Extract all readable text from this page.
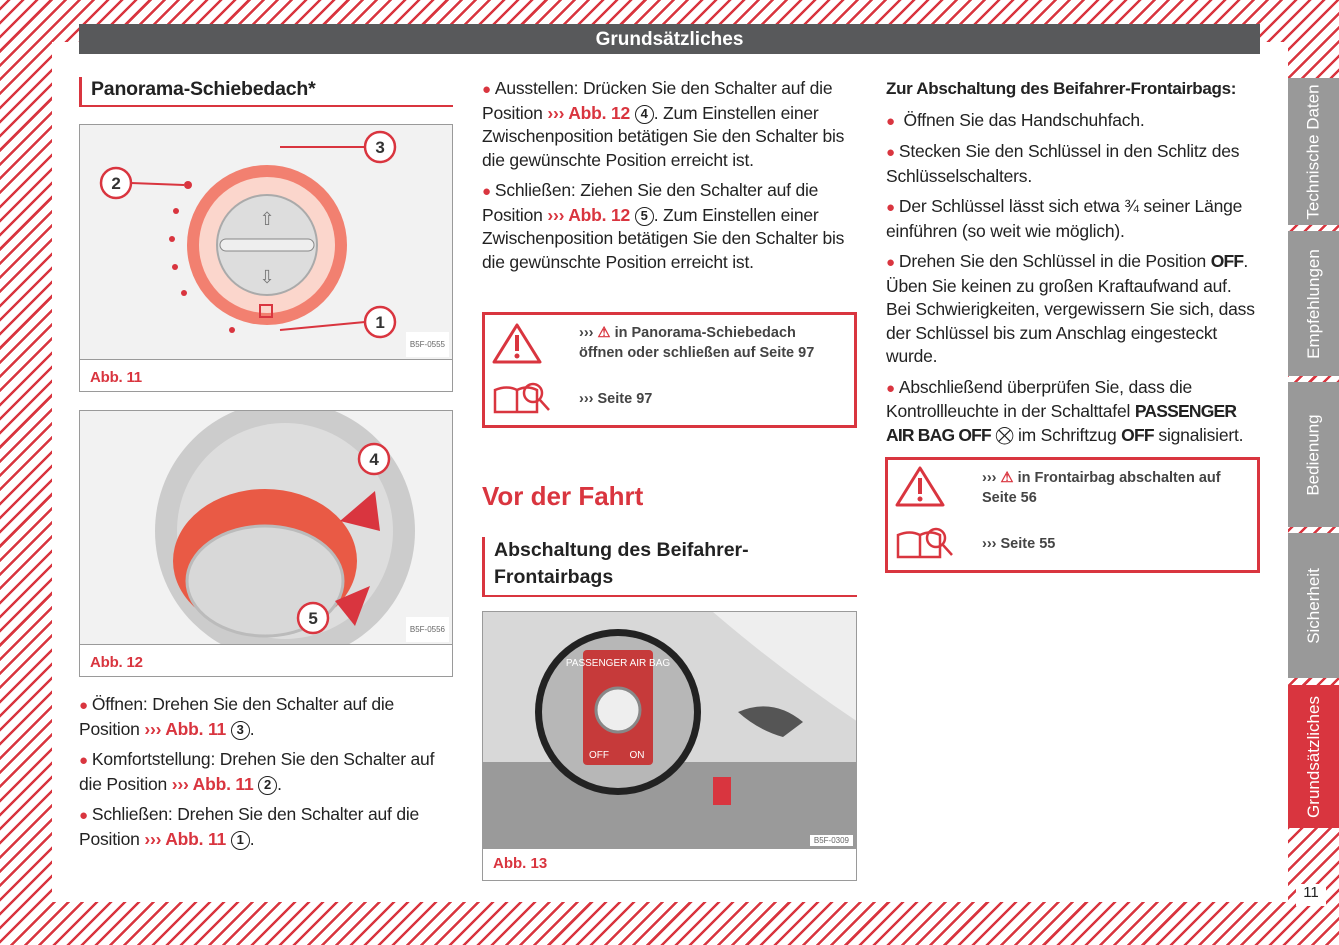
Grundsätzliches
Panorama-Schiebedach*
⇧
⇩
2
3
1
B5F-0555
Abb. 11
4
5
B5F-0556
Abb. 12
● Öffnen: Drehen Sie den Schalter auf die Position ››› Abb. 11 3 .
● Komfortstellung: Drehen Sie den Schalter auf die Position ››› Abb. 11 2 .
● Schließen: Drehen Sie den Schalter auf die Position ››› Abb. 11 1 .
● Ausstellen: Drücken Sie den Schalter auf die Position ››› Abb. 12 4 . Zum Einstellen einer Zwischenposition betätigen Sie den Schalter bis die gewünschte Position erreicht ist.
● Schließen: Ziehen Sie den Schalter auf die Position ››› Abb. 12 5 . Zum Einstellen einer Zwischenposition betätigen Sie den Schalter bis die gewünschte Position erreicht ist.
››› ⚠ in Panorama-Schiebedach öffnen oder schließen auf Seite 97
››› Seite 97
Vor der Fahrt
Abschaltung des Beifahrer-Frontairbags
PASSENGER AIR BAG
OFF ON
B5F-0309
Abb. 13
Zur Abschaltung des Beifahrer-Frontairbags:
● Öffnen Sie das Handschuhfach.
● Stecken Sie den Schlüssel in den Schlitz des Schlüsselschalters.
● Der Schlüssel lässt sich etwa ¾ seiner Länge einführen (so weit wie möglich).
● Drehen Sie den Schlüssel in die Position OFF. Üben Sie keinen zu großen Kraftaufwand auf. Bei Schwierigkeiten, vergewissern Sie sich, dass der Schlüssel bis zum Anschlag eingesteckt wurde.
● Abschließend überprüfen Sie, dass die Kontrollleuchte in der Schalttafel PASSENGER AIR BAG OFF ⛒ im Schriftzug OFF signalisiert.
››› ⚠ in Frontairbag abschalten auf Seite 56
››› Seite 55
Technische Daten
Empfehlungen
Bedienung
Sicherheit
Grundsätzliches
11
